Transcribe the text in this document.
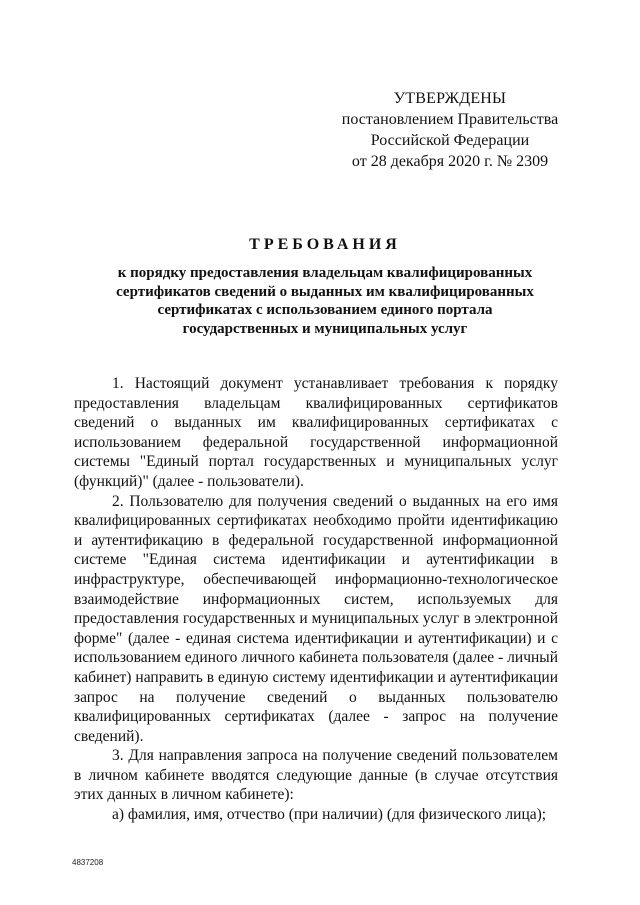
УТВЕРЖДЕНЫ
постановлением Правительства
Российской Федерации
от 28 декабря 2020 г. № 2309
ТРЕБОВАНИЯ
к порядку предоставления владельцам квалифицированных
сертификатов сведений о выданных им квалифицированных
сертификатах с использованием единого портала
государственных и муниципальных услуг

1. Настоящий документ устанавливает требования к порядку предоставления владельцам квалифицированных сертификатов сведений о выданных им квалифицированных сертификатах с использованием федеральной государственной информационной системы "Единый портал государственных и муниципальных услуг (функций)" (далее - пользователи).

2. Пользователю для получения сведений о выданных на его имя квалифицированных сертификатах необходимо пройти идентификацию и аутентификацию в федеральной государственной информационной системе "Единая система идентификации и аутентификации в инфраструктуре, обеспечивающей информационно-технологическое взаимодействие информационных систем, используемых для предоставления государственных и муниципальных услуг в электронной форме" (далее - единая система идентификации и аутентификации) и с использованием единого личного кабинета пользователя (далее - личный кабинет) направить в единую систему идентификации и аутентификации запрос на получение сведений о выданных пользователю квалифицированных сертификатах (далее - запрос на получение сведений).

3. Для направления запроса на получение сведений пользователем в личном кабинете вводятся следующие данные (в случае отсутствия этих данных в личном кабинете):

а) фамилия, имя, отчество (при наличии) (для физического лица);

4837208
